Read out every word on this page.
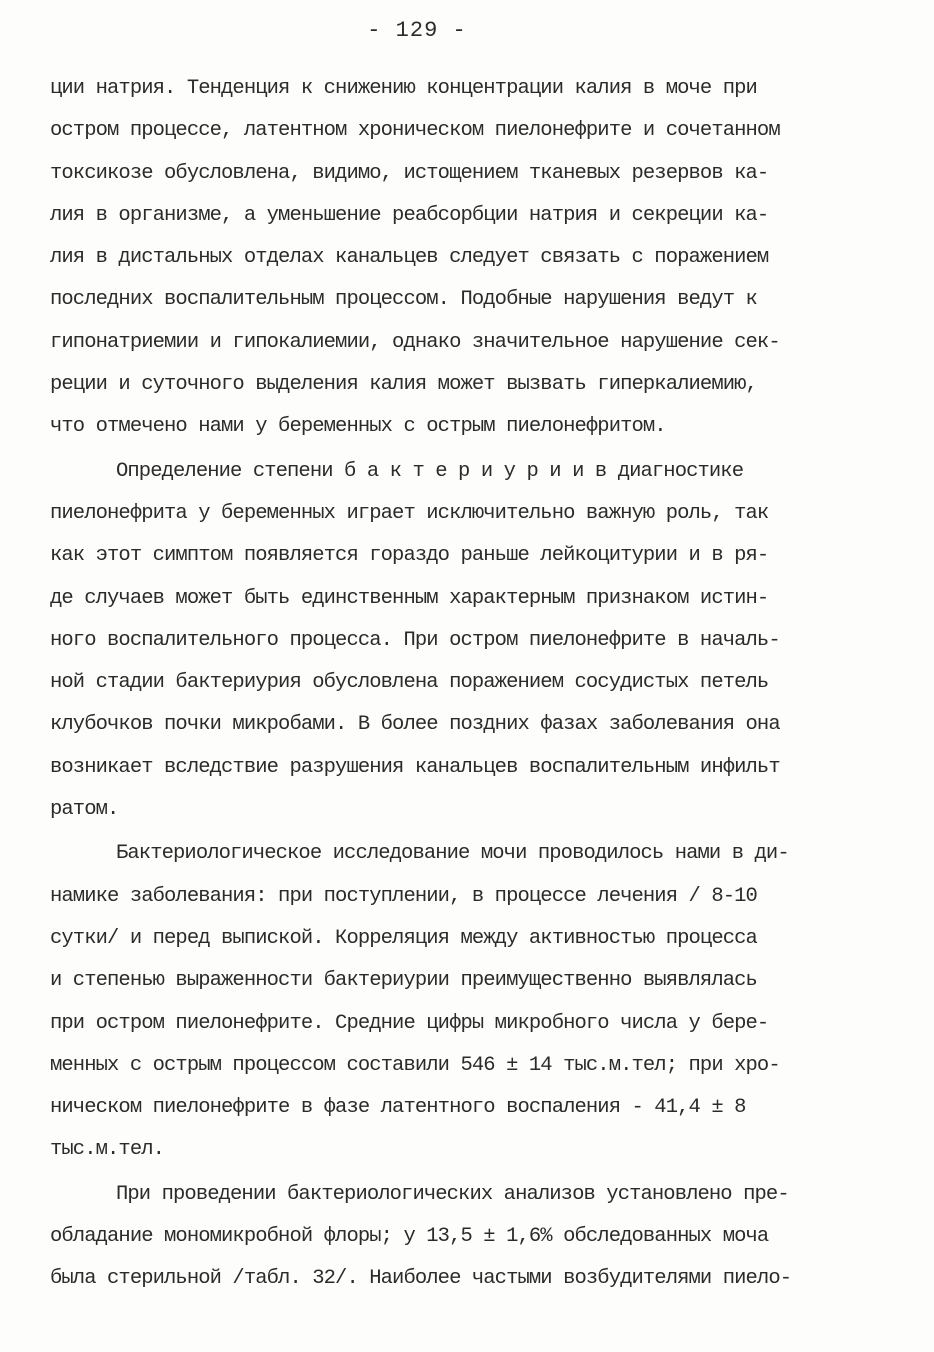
- 129 -
ции натрия. Тенденция к снижению концентрации калия в моче при
остром процессе, латентном хроническом пиелонефрите и сочетанном
токсикозе обусловлена, видимо, истощением тканевых резервов ка-
лия в организме, а уменьшение реабсорбции натрия и секреции ка-
лия в дистальных отделах канальцев следует связать с поражением
последних воспалительным процессом. Подобные нарушения ведут к
гипонатриемии и гипокалиемии, однако значительное нарушение сек-
реции и суточного выделения калия может вызвать гиперкалиемию,
что отмечено нами у беременных с острым пиелонефритом.
Определение степени б а к т е р и у р и и в диагностике
пиелонефрита у беременных играет исключительно важную роль, так
как этот симптом появляется гораздо раньше лейкоцитурии и в ря-
де случаев может быть единственным характерным признаком истин-
ного воспалительного процесса. При остром пиелонефрите в началь-
ной стадии бактериурия обусловлена поражением сосудистых петель
клубочков почки микробами. В более поздних фазах заболевания она
возникает вследствие разрушения канальцев воспалительным инфильт
ратом.
Бактериологическое исследование мочи проводилось нами в ди-
намике заболевания: при поступлении, в процессе лечения / 8-10
сутки/ и перед выпиской. Корреляция между активностью процесса
и степенью выраженности бактериурии преимущественно выявлялась
при остром пиелонефрите. Средние цифры микробного числа у бере-
менных с острым процессом составили 546 ± 14 тыс.м.тел; при хро-
ническом пиелонефрите в фазе латентного воспаления - 41,4 ± 8
тыс.м.тел.
При проведении бактериологических анализов установлено пре-
обладание мономикробной флоры; у 13,5 ± 1,6% обследованных моча
была стерильной /табл. 32/. Наиболее частыми возбудителями пиело-
